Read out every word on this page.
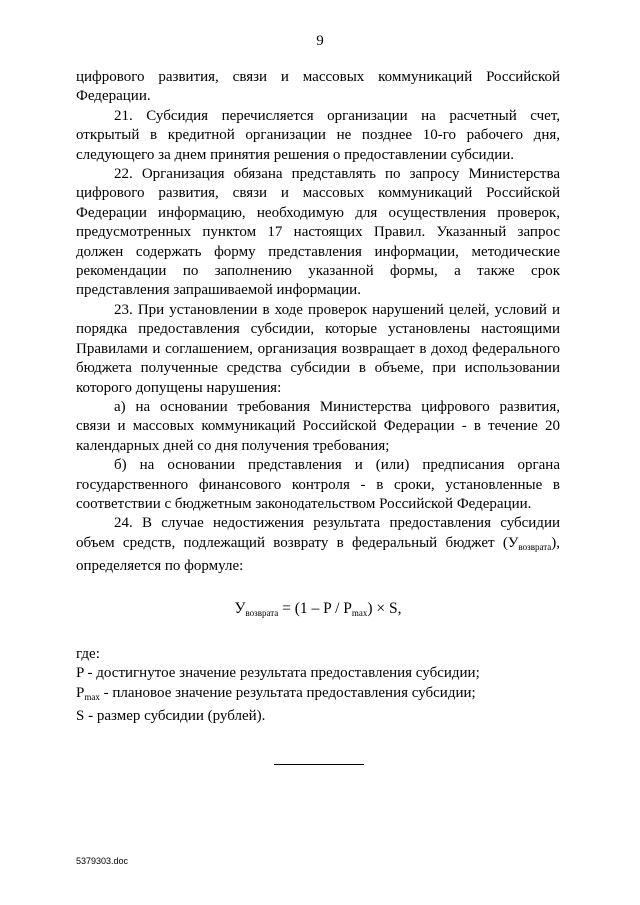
9

цифрового развития, связи и массовых коммуникаций Российской Федерации.

21. Субсидия перечисляется организации на расчетный счет, открытый в кредитной организации не позднее 10-го рабочего дня, следующего за днем принятия решения о предоставлении субсидии.

22. Организация обязана представлять по запросу Министерства цифрового развития, связи и массовых коммуникаций Российской Федерации информацию, необходимую для осуществления проверок, предусмотренных пунктом 17 настоящих Правил. Указанный запрос должен содержать форму представления информации, методические рекомендации по заполнению указанной формы, а также срок представления запрашиваемой информации.

23. При установлении в ходе проверок нарушений целей, условий и порядка предоставления субсидии, которые установлены настоящими Правилами и соглашением, организация возвращает в доход федерального бюджета полученные средства субсидии в объеме, при использовании которого допущены нарушения:

а) на основании требования Министерства цифрового развития, связи и массовых коммуникаций Российской Федерации - в течение 20 календарных дней со дня получения требования;

б) на основании представления и (или) предписания органа государственного финансового контроля - в сроки, установленные в соответствии с бюджетным законодательством Российской Федерации.

24. В случае недостижения результата предоставления субсидии объем средств, подлежащий возврату в федеральный бюджет $(У_{возврата})$, определяется по формуле:

$У_{возврата} = (1 - P / P_{max}) \times S$,

где:

P - достигнутое значение результата предоставления субсидии;

$P_{max}$ - плановое значение результата предоставления субсидии;

S - размер субсидии (рублей).

5379303.doc
